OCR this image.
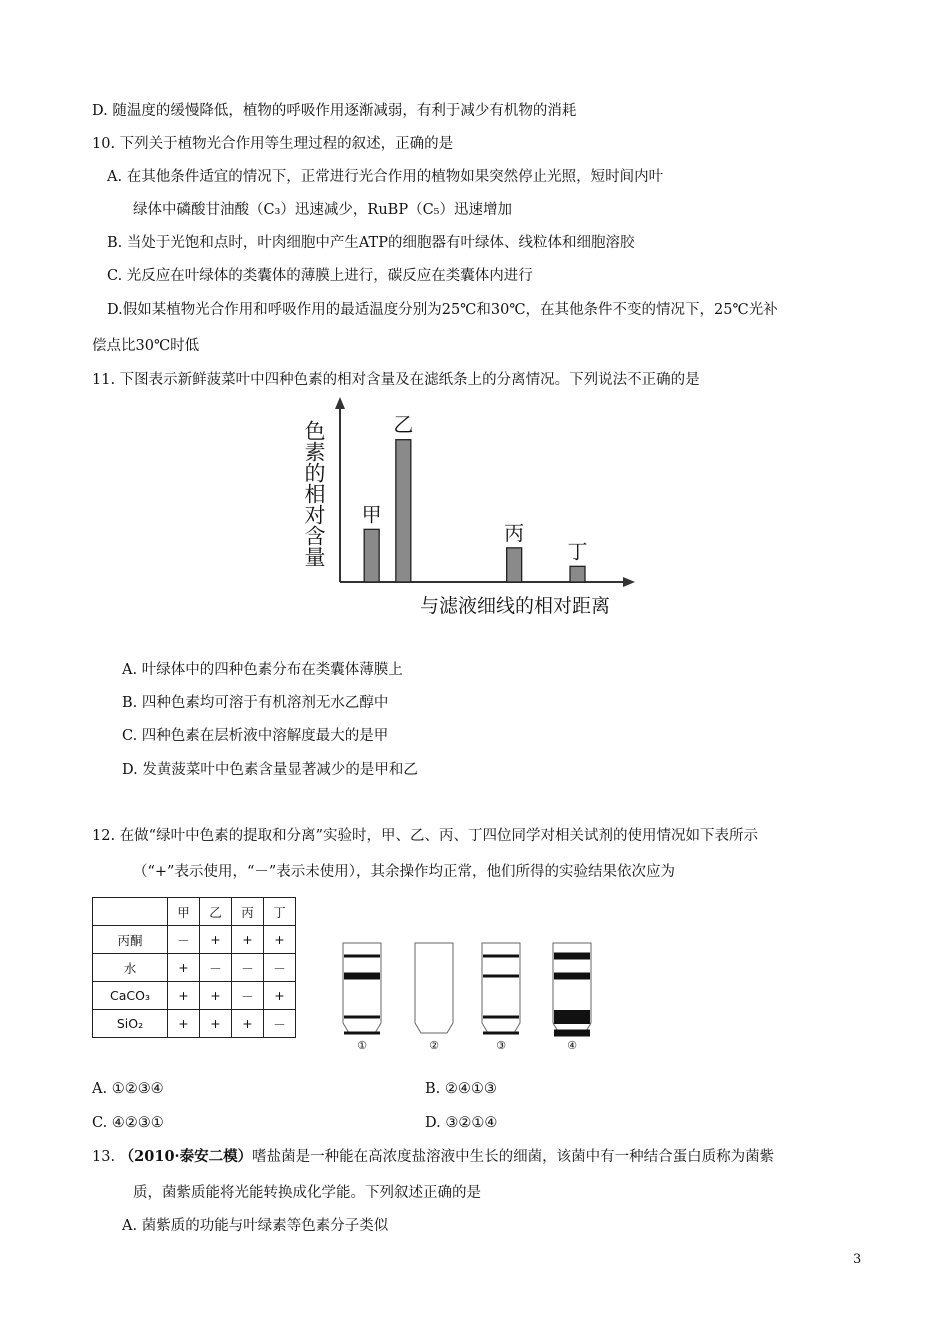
D. 随温度的缓慢降低，植物的呼吸作用逐渐减弱，有利于减少有机物的消耗
10. 下列关于植物光合作用等生理过程的叙述，正确的是
A. 在其他条件适宜的情况下，正常进行光合作用的植物如果突然停止光照，短时间内叶
绿体中磷酸甘油酸（C₃）迅速减少，RuBP（C₅）迅速增加
B. 当处于光饱和点时，叶肉细胞中产生ATP的细胞器有叶绿体、线粒体和细胞溶胶
C. 光反应在叶绿体的类囊体的薄膜上进行，碳反应在类囊体内进行
D.假如某植物光合作用和呼吸作用的最适温度分别为25℃和30℃，在其他条件不变的情况下，25℃光补
偿点比30℃时低
11. 下图表示新鲜菠菜叶中四种色素的相对含量及在滤纸条上的分离情况。下列说法不正确的是
色素的相对含量 甲
乙
丙
丁
与滤液细线的相对距离
A. 叶绿体中的四种色素分布在类囊体薄膜上
B. 四种色素均可溶于有机溶剂无水乙醇中
C. 四种色素在层析液中溶解度最大的是甲
D. 发黄菠菜叶中色素含量显著减少的是甲和乙
12. 在做“绿叶中色素的提取和分离”实验时，甲、乙、丙、丁四位同学对相关试剂的使用情况如下表所示
（“+”表示使用，“－”表示未使用），其余操作均正常，他们所得的实验结果依次应为
	甲	乙	丙	丁
丙酮	－	+	+	+
水	+	－	－	－
CaCO₃	+	+	－	+
SiO₂	+	+	+	－
①	②	③	④
A. ①②③④	B. ②④①③
C. ④②③①	D. ③②①④
13. （2010·泰安二模）嗜盐菌是一种能在高浓度盐溶液中生长的细菌，该菌中有一种结合蛋白质称为菌紫
质，菌紫质能将光能转换成化学能。下列叙述正确的是
A. 菌紫质的功能与叶绿素等色素分子类似
3
